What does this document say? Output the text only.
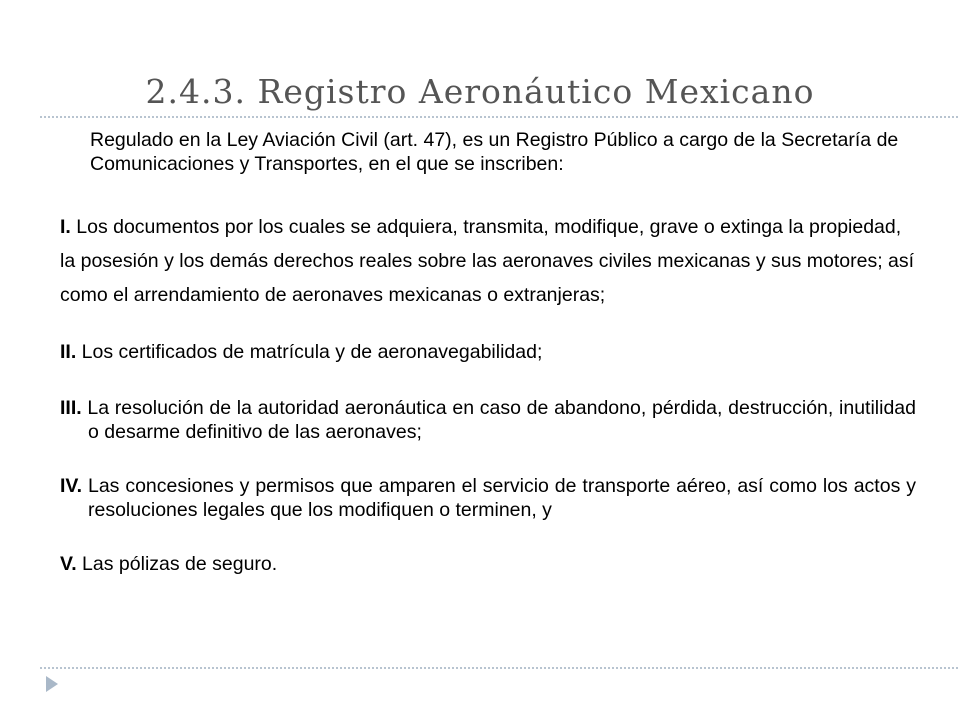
2.4.3. Registro Aeronáutico Mexicano

Regulado en la Ley Aviación Civil (art. 47), es un Registro Público a cargo de la Secretaría de Comunicaciones y Transportes, en el que se inscriben:

I. Los documentos por los cuales se adquiera, transmita, modifique, grave o extinga la propiedad, la posesión y los demás derechos reales sobre las aeronaves civiles mexicanas y sus motores; así como el arrendamiento de aeronaves mexicanas o extranjeras;

II. Los certificados de matrícula y de aeronavegabilidad;

III. La resolución de la autoridad aeronáutica en caso de abandono, pérdida, destrucción, inutilidad o desarme definitivo de las aeronaves;

IV. Las concesiones y permisos que amparen el servicio de transporte aéreo, así como los actos y resoluciones legales que los modifiquen o terminen, y

V. Las pólizas de seguro.
